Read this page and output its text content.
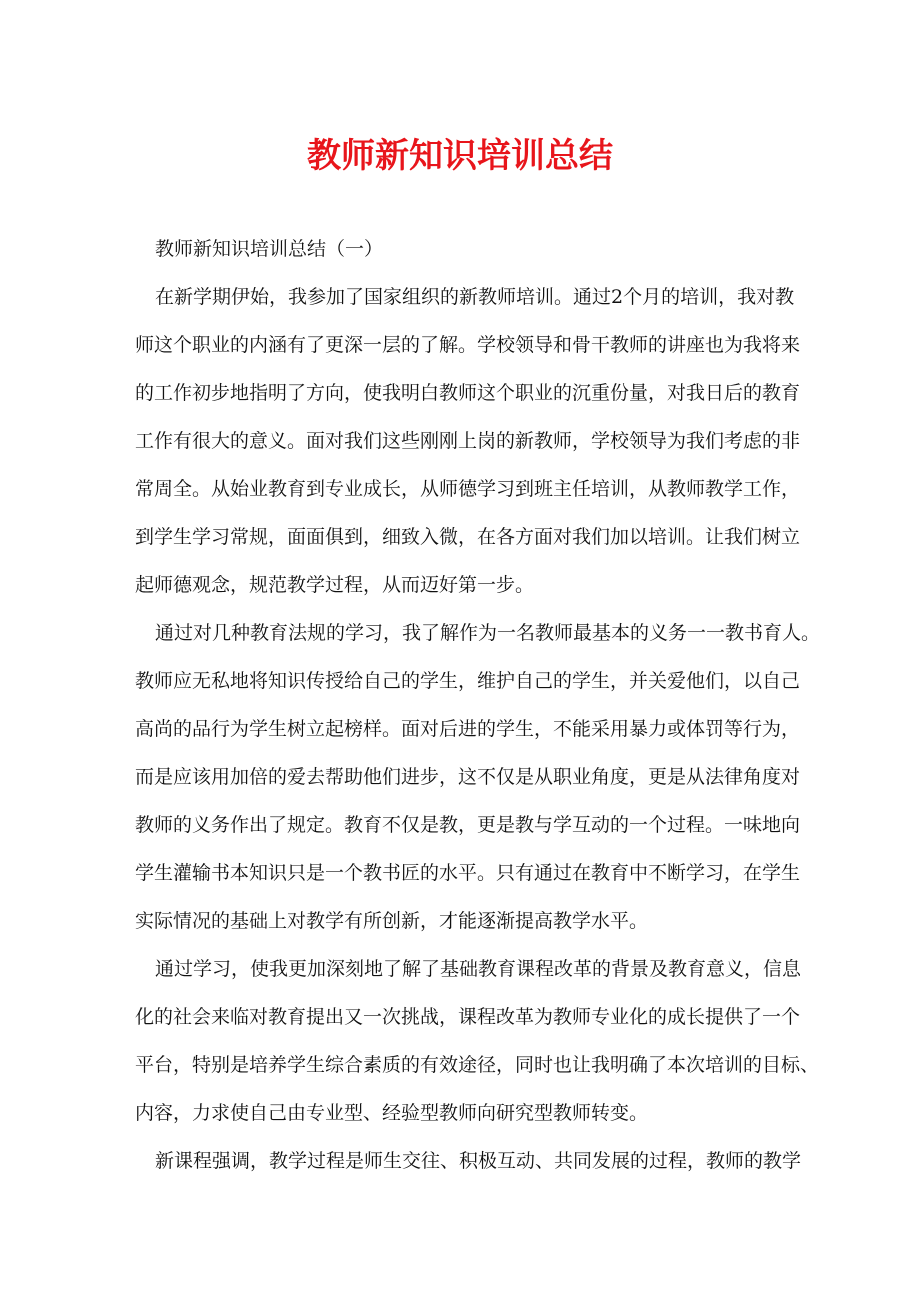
教师新知识培训总结

教师新知识培训总结（一）

在新学期伊始，我参加了国家组织的新教师培训。通过2个月的培训，我对教
师这个职业的内涵有了更深一层的了解。学校领导和骨干教师的讲座也为我将来
的工作初步地指明了方向，使我明白教师这个职业的沉重份量，对我日后的教育
工作有很大的意义。面对我们这些刚刚上岗的新教师，学校领导为我们考虑的非
常周全。从始业教育到专业成长，从师德学习到班主任培训，从教师教学工作，
到学生学习常规，面面俱到，细致入微，在各方面对我们加以培训。让我们树立
起师德观念，规范教学过程，从而迈好第一步。
通过对几种教育法规的学习，我了解作为一名教师最基本的义务一一教书育人。
教师应无私地将知识传授给自己的学生，维护自己的学生，并关爱他们，以自己
高尚的品行为学生树立起榜样。面对后进的学生，不能采用暴力或体罚等行为，
而是应该用加倍的爱去帮助他们进步，这不仅是从职业角度，更是从法律角度对
教师的义务作出了规定。教育不仅是教，更是教与学互动的一个过程。一味地向
学生灌输书本知识只是一个教书匠的水平。只有通过在教育中不断学习，在学生
实际情况的基础上对教学有所创新，才能逐渐提高教学水平。
通过学习，使我更加深刻地了解了基础教育课程改革的背景及教育意义，信息
化的社会来临对教育提出又一次挑战，课程改革为教师专业化的成长提供了一个
平台，特别是培养学生综合素质的有效途径，同时也让我明确了本次培训的目标、
内容，力求使自己由专业型、经验型教师向研究型教师转变。
新课程强调，教学过程是师生交往、积极互动、共同发展的过程，教师的教学
